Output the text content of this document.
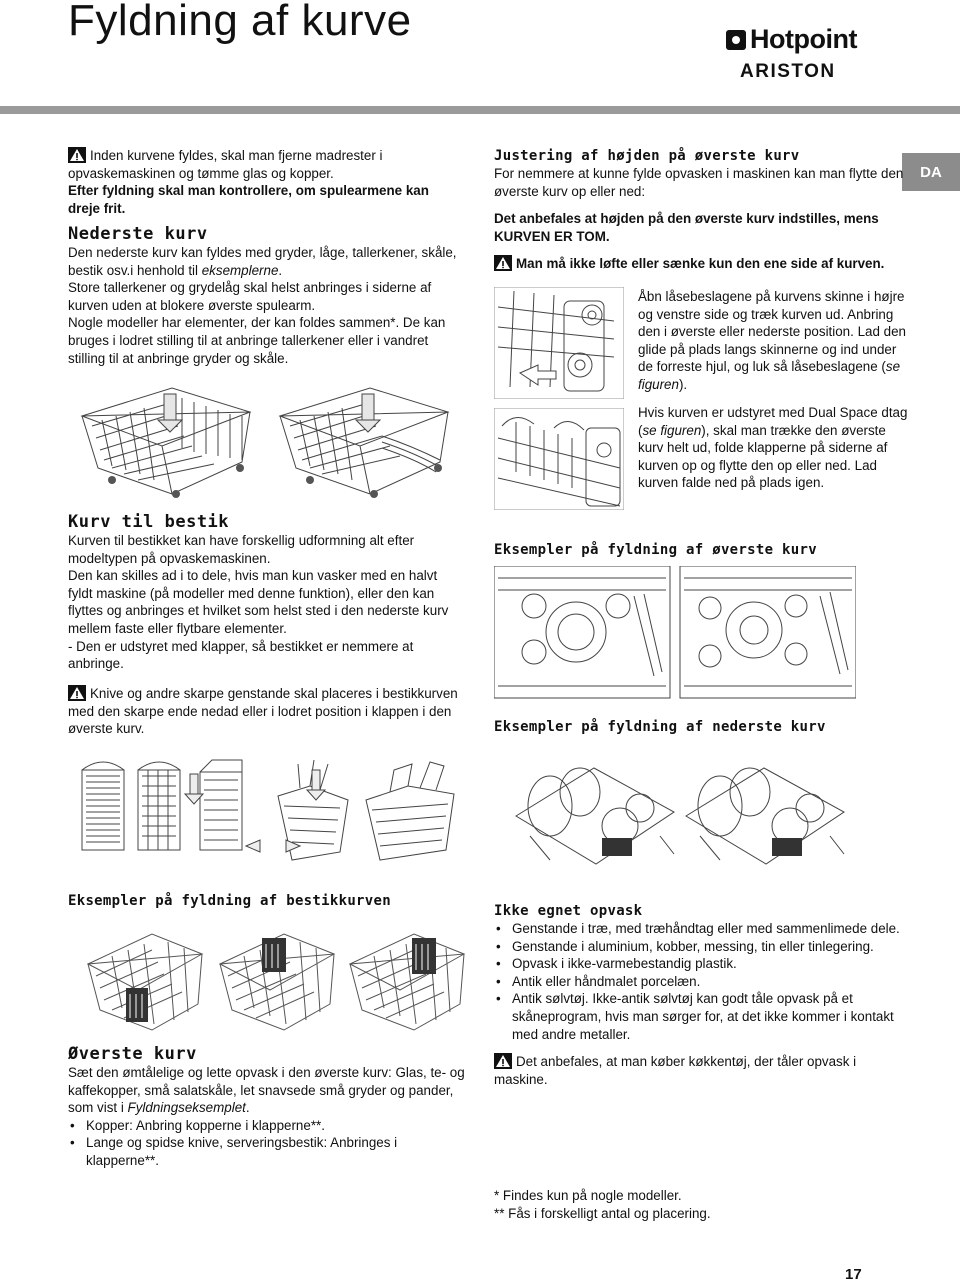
Fyldning af kurve	Hotpoint
ARISTON
DA

Inden kurvene fyldes, skal man fjerne madrester i opvaskemaskinen og tømme glas og kopper.

Efter fyldning skal man kontrollere, om spulearmene kan dreje frit.

Nederste kurv

Den nederste kurv kan fyldes med gryder, låge, tallerkener, skåle, bestik osv.i henhold til eksemplerne.

Store tallerkener og grydelåg skal helst anbringes i siderne af kurven uden at blokere øverste spulearm.

Nogle modeller har elementer, der kan foldes sammen*. De kan bruges i lodret stilling til at anbringe tallerkener eller i vandret stilling til at anbringe gryder og skåle.

Kurv til bestik

Kurven til bestikket kan have forskellig udformning alt efter modeltypen på opvaskemaskinen.

Den kan skilles ad i to dele, hvis man kun vasker med en halvt fyldt maskine (på modeller med denne funktion), eller den kan flyttes og anbringes et hvilket som helst sted i den nederste kurv mellem faste eller flytbare elementer.

- Den er udstyret med klapper, så bestikket er nemmere at anbringe.

Knive og andre skarpe genstande skal placeres i bestikkurven med den skarpe ende nedad eller i lodret position i klappen i den øverste kurv.

Eksempler på fyldning af bestikkurven
Øverste kurv

Sæt den ømtålelige og lette opvask i den øverste kurv: Glas, te- og kaffekopper, små salatskåle, let snavsede små gryder og pander, som vist i Fyldningseksemplet.

• Kopper: Anbring kopperne i klapperne**.
• Lange og spidse knive, serveringsbestik: Anbringes i klapperne**.
Justering af højden på øverste kurv

For nemmere at kunne fylde opvasken i maskinen kan man flytte den øverste kurv op eller ned:

Det anbefales at højden på den øverste kurv indstilles, mens KURVEN ER TOM.

Man må ikke løfte eller sænke kun den ene side af kurven.

Åbn låsebeslagene på kurvens skinne i højre og venstre side og træk kurven ud. Anbring den i øverste eller nederste position. Lad den glide på plads langs skinnerne og ind under de forreste hjul, og luk så låsebeslagene (se figuren).

Hvis kurven er udstyret med Dual Space dtag (se figuren), skal man trække den øverste kurv helt ud, folde klapperne på siderne af kurven op og flytte den op eller ned. Lad kurven falde ned på plads igen.

Eksempler på fyldning af øverste kurv
Eksempler på fyldning af nederste kurv
Ikke egnet opvask
• Genstande i træ, med træhåndtag eller med sammenlimede dele.
• Genstande i aluminium, kobber, messing, tin eller tinlegering.
• Opvask i ikke-varmebestandig plastik.
• Antik eller håndmalet porcelæn.
• Antik sølvtøj. Ikke-antik sølvtøj kan godt tåle opvask på et skåneprogram, hvis man sørger for, at det ikke kommer i kontakt med andre metaller.

Det anbefales, at man køber køkkentøj, der tåler opvask i maskine.

* Findes kun på nogle modeller.

** Fås i forskelligt antal og placering.

17
